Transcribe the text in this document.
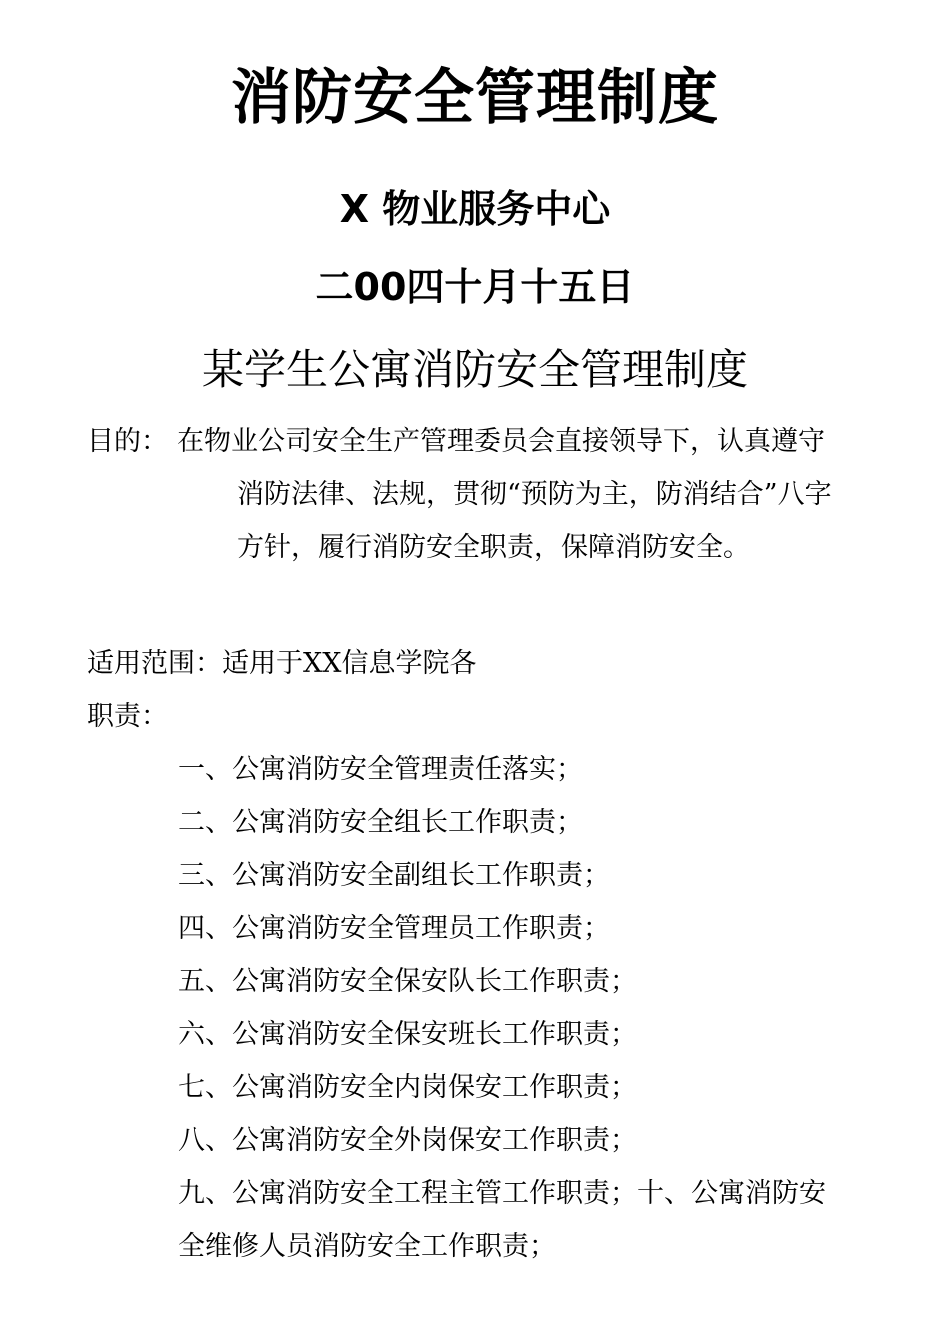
消防安全管理制度
X 物业服务中心
二00四十月十五日
某学生公寓消防安全管理制度
目的： 在物业公司安全生产管理委员会直接领导下，认真遵守消防法律、法规，贯彻“预防为主，防消结合”八字方针，履行消防安全职责，保障消防安全。
适用范围：适用于XX信息学院各
职责：
一、公寓消防安全管理责任落实；
二、公寓消防安全组长工作职责；
三、公寓消防安全副组长工作职责；
四、公寓消防安全管理员工作职责；
五、公寓消防安全保安队长工作职责；
六、公寓消防安全保安班长工作职责；
七、公寓消防安全内岗保安工作职责；
八、公寓消防安全外岗保安工作职责；
九、公寓消防安全工程主管工作职责；十、公寓消防安全维修人员消防安全工作职责；
